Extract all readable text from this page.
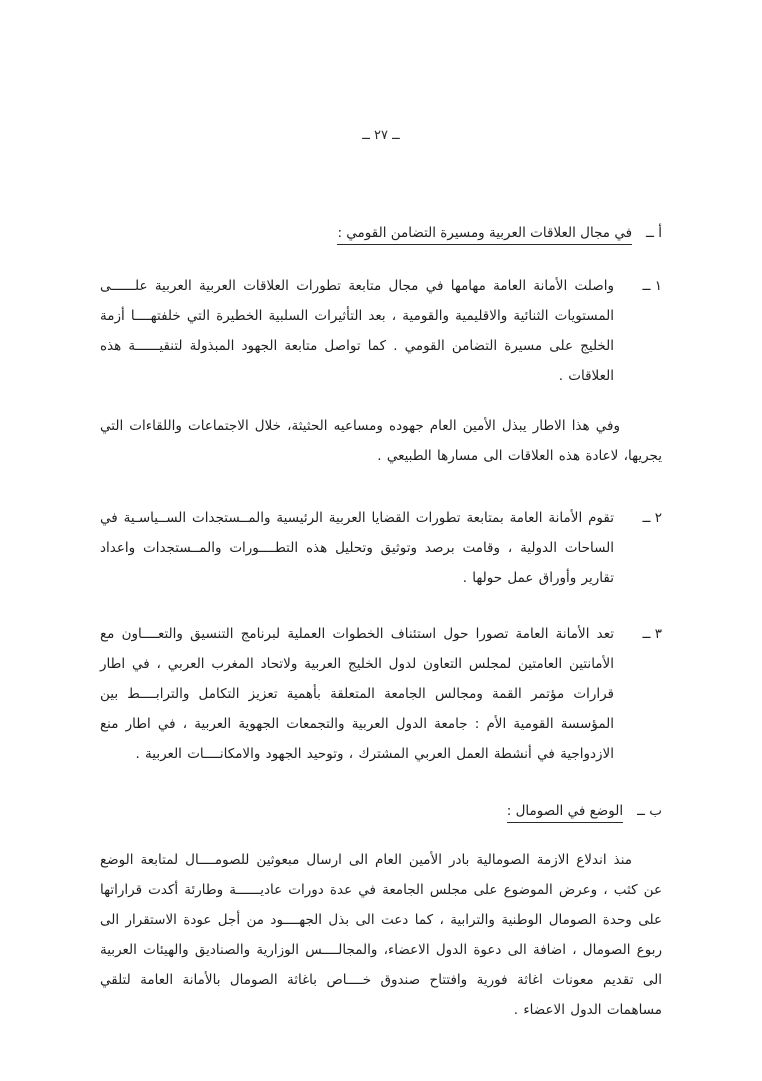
ــ ٢٧ ــ
أ ــ
في مجال العلاقات العربية ومسيرة التضامن القومي :
١ ــ

واصلت الأمانة العامة مهامها في مجال متابعة تطورات العلاقات العربية العربية علــــــى المستويات الثنائية والاقليمية والقومية ، بعد التأثيرات السلبية الخطيرة التي خلفتهــــا أزمة الخليج على مسيرة التضامن القومي . كما تواصل متابعة الجهود المبذولة لتنقيــــــة هذه العلاقات .

وفي هذا الاطار يبذل الأمين العام جهوده ومساعيه الحثيثة، خلال الاجتماعات واللقاءات التي يجريها، لاعادة هذه العلاقات الى مسارها الطبيعي .

٢ ــ

تقوم الأمانة العامة بمتابعة تطورات القضايا العربية الرئيسية والمــستجدات الســياسـية في الساحات الدولية ، وقامت برصد وتوثيق وتحليل هذه التطــــورات والمــستجدات واعداد تقارير وأوراق عمل حولها .

٣ ــ

تعد الأمانة العامة تصورا حول استئناف الخطوات العملية لبرنامج التنسيق والتعــــاون مع الأمانتين العامتين لمجلس التعاون لدول الخليج العربية ولاتحاد المغرب العربي ، في اطار قرارات مؤتمر القمة ومجالس الجامعة المتعلقة بأهمية تعزيز التكامل والترابــــط بين المؤسسة القومية الأم : جامعة الدول العربية والتجمعات الجهوية العربية ، في اطار منع الازدواجية في أنشطة العمل العربي المشترك ، وتوحيد الجهود والامكانــــات العربية .

ب ــ
الوضع في الصومال :

منذ اندلاع الازمة الصومالية بادر الأمين العام الى ارسال مبعوثين للصومــــال لمتابعة الوضع عن كثب ، وعرض الموضوع على مجلس الجامعة في عدة دورات عاديــــــة وطارئة أكدت قراراتها على وحدة الصومال الوطنية والترابية ، كما دعت الى بذل الجهــــود من أجل عودة الاستقرار الى ربوع الصومال ، اضافة الى دعوة الدول الاعضاء، والمجالــــس الوزارية والصناديق والهيئات العربية الى تقديم معونات اغاثة فورية وافتتاح صندوق خــــاص باغاثة الصومال بالأمانة العامة لتلقي مساهمات الدول الاعضاء .
